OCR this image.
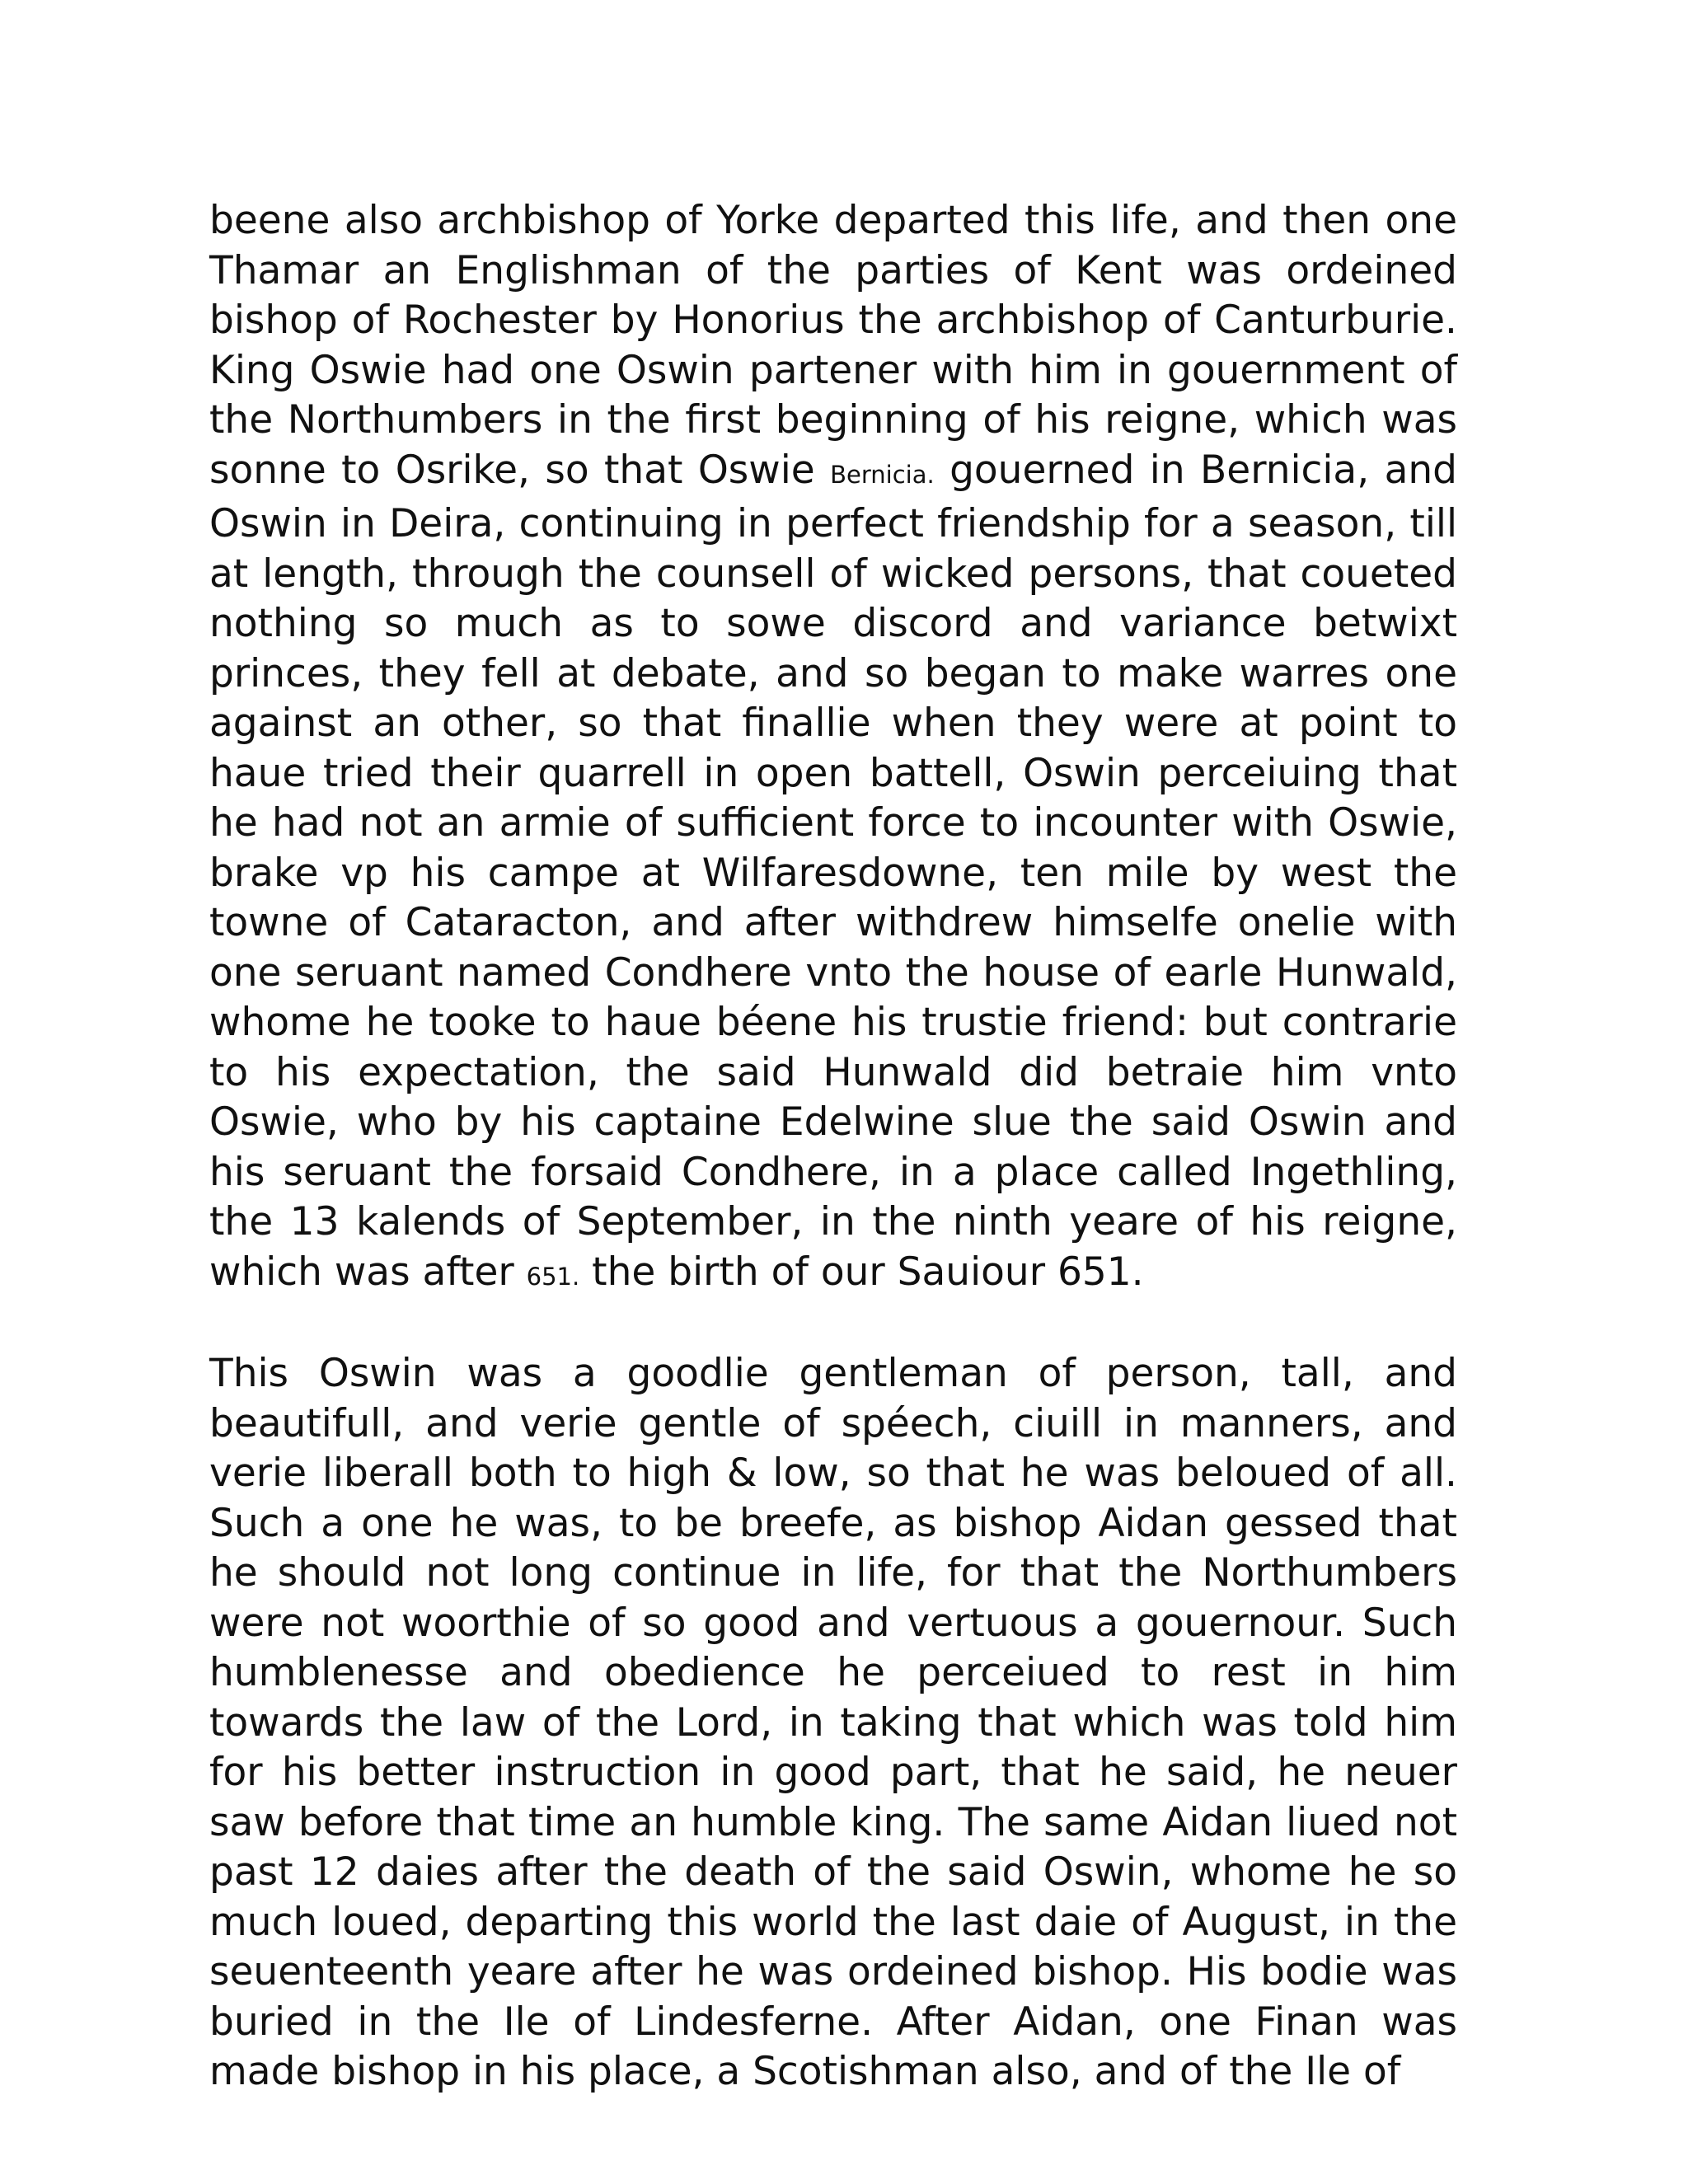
beene also archbishop of Yorke departed this life, and then one Thamar an Englishman of the parties of Kent was ordeined bishop of Rochester by Honorius the archbishop of Canturburie. King Oswie had one Oswin partener with him in gouernment of the Northumbers in the first beginning of his reigne, which was sonne to Osrike, so that Oswie Bernicia. gouerned in Bernicia, and Oswin in Deira, continuing in perfect friendship for a season, till at length, through the counsell of wicked persons, that coueted nothing so much as to sowe discord and variance betwixt princes, they fell at debate, and so began to make warres one against an other, so that finallie when they were at point to haue tried their quarrell in open battell, Oswin perceiuing that he had not an armie of sufficient force to incounter with Oswie, brake vp his campe at Wilfaresdowne, ten mile by west the towne of Cataracton, and after withdrew himselfe onelie with one seruant named Condhere vnto the house of earle Hunwald, whome he tooke to haue béene his trustie friend: but contrarie to his expectation, the said Hunwald did betraie him vnto Oswie, who by his captaine Edelwine slue the said Oswin and his seruant the forsaid Condhere, in a place called Ingethling, the 13 kalends of September, in the ninth yeare of his reigne, which was after 651. the birth of our Sauiour 651.

This Oswin was a goodlie gentleman of person, tall, and beautifull, and verie gentle of spéech, ciuill in manners, and verie liberall both to high & low, so that he was beloued of all. Such a one he was, to be breefe, as bishop Aidan gessed that he should not long continue in life, for that the Northumbers were not woorthie of so good and vertuous a gouernour. Such humblenesse and obedience he perceiued to rest in him towards the law of the Lord, in taking that which was told him for his better instruction in good part, that he said, he neuer saw before that time an humble king. The same Aidan liued not past 12 daies after the death of the said Oswin, whome he so much loued, departing this world the last daie of August, in the seuenteenth yeare after he was ordeined bishop. His bodie was buried in the Ile of Lindesferne. After Aidan, one Finan was made bishop in his place, a Scotishman also, and of the Ile of
